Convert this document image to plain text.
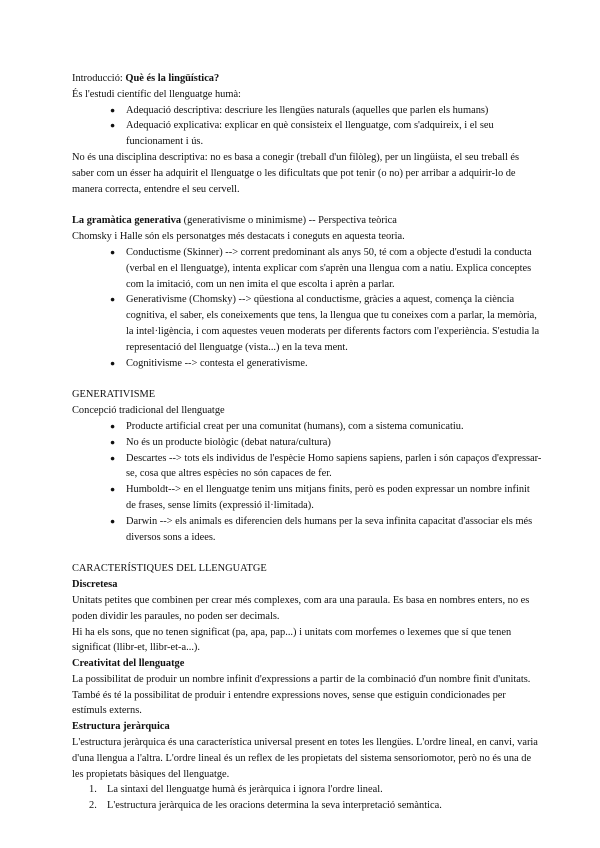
Introducció: Què és la lingüística?

És l'estudi científic del llenguatge humà:

● Adequació descriptiva: descriure les llengües naturals (aquelles que parlen els humans)
● Adequació explicativa: explicar en què consisteix el llenguatge, com s'adquireix, i el seu funcionament i ús.

No és una disciplina descriptiva: no es basa a conegir (treball d'un filòleg), per un lingüista, el seu treball és saber com un ésser ha adquirit el llenguatge o les dificultats que pot tenir (o no) per arribar a adquirir-lo de manera correcta, entendre el seu cervell.

La gramàtica generativa (generativisme o minimisme) -- Perspectiva teòrica

Chomsky i Halle són els personatges més destacats i coneguts en aquesta teoria.

● Conductisme (Skinner) --> corrent predominant als anys 50, té com a objecte d'estudi la conducta (verbal en el llenguatge), intenta explicar com s'aprèn una llengua com a natiu. Explica conceptes com la imitació, com un nen imita el que escolta i aprèn a parlar.
● Generativisme (Chomsky) --> qüestiona al conductisme, gràcies a aquest, comença la ciència cognitiva, el saber, els coneixements que tens, la llengua que tu coneixes com a parlar, la memòria, la intel·ligència, i com aquestes veuen moderats per diferents factors com l'experiència. S'estudia la representació del llenguatge (vista...) en la teva ment.
● Cognitivisme --> contesta el generativisme.

GENERATIVISME

Concepció tradicional del llenguatge

● Producte artificial creat per una comunitat (humans), com a sistema comunicatiu.
● No és un producte biològic (debat natura/cultura)
● Descartes --> tots els individus de l'espècie Homo sapiens sapiens, parlen i són capaços d'expressar-se, cosa que altres espècies no són capaces de fer.
● Humboldt--> en el llenguatge tenim uns mitjans finits, però es poden expressar un nombre infinit de frases, sense límits (expressió il·limitada).
● Darwin --> els animals es diferencien dels humans per la seva infinita capacitat d'associar els més diversos sons a idees.

CARACTERÍSTIQUES DEL LLENGUATGE

Discretesa

Unitats petites que combinen per crear més complexes, com ara una paraula. Es basa en nombres enters, no es poden dividir les paraules, no poden ser decimals.

Hi ha els sons, que no tenen significat (pa, apa, pap...) i unitats com morfemes o lexemes que sí que tenen significat (llibr-et, llibr-et-a...).

Creativitat del llenguatge

La possibilitat de produir un nombre infinit d'expressions a partir de la combinació d'un nombre finit d'unitats. També és té la possibilitat de produir i entendre expressions noves, sense que estiguin condicionades per estímuls externs.

Estructura jeràrquica

L'estructura jeràrquica és una característica universal present en totes les llengües. L'ordre lineal, en canvi, varia d'una llengua a l'altra. L'ordre lineal és un reflex de les propietats del sistema sensoriomotor, però no és una de les propietats bàsiques del llenguatge.

1. La sintaxi del llenguatge humà és jeràrquica i ignora l'ordre lineal.
2. L'estructura jeràrquica de les oracions determina la seva interpretació semàntica.
